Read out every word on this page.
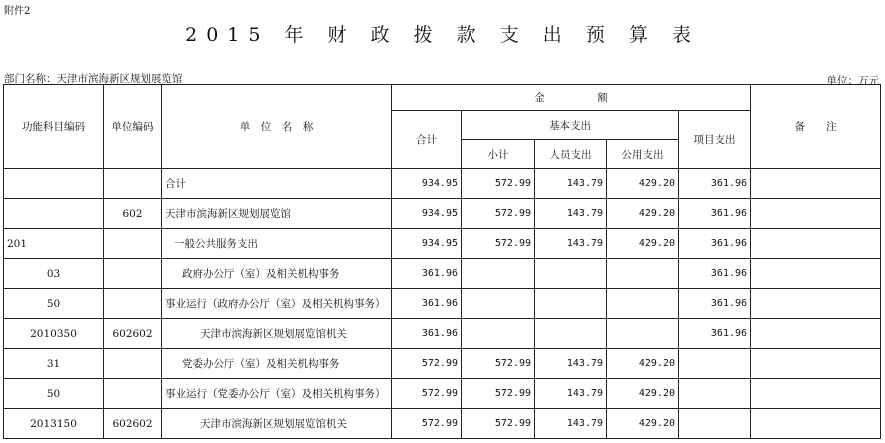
附件2
2015 年 财 政 拨 款 支 出 预 算 表
部门名称：天津市滨海新区规划展览馆	单位：万元
功能科目编码	单位编码	单　位　名　称	金　　　　　额					备　　注
			合计	基本支出			项目支出	
				小计	人员支出	公用支出		
		合计	934.95	572.99	143.79	429.20	361.96	
	602	天津市滨海新区规划展览馆	934.95	572.99	143.79	429.20	361.96	
201		一般公共服务支出	934.95	572.99	143.79	429.20	361.96	
03		政府办公厅（室）及相关机构事务	361.96				361.96	
50		事业运行（政府办公厅（室）及相关机构事务）	361.96				361.96	
2010350	602602	天津市滨海新区规划展览馆机关	361.96				361.96	
31		党委办公厅（室）及相关机构事务	572.99	572.99	143.79	429.20		
50		事业运行（党委办公厅（室）及相关机构事务）	572.99	572.99	143.79	429.20		
2013150	602602	天津市滨海新区规划展览馆机关	572.99	572.99	143.79	429.20		
